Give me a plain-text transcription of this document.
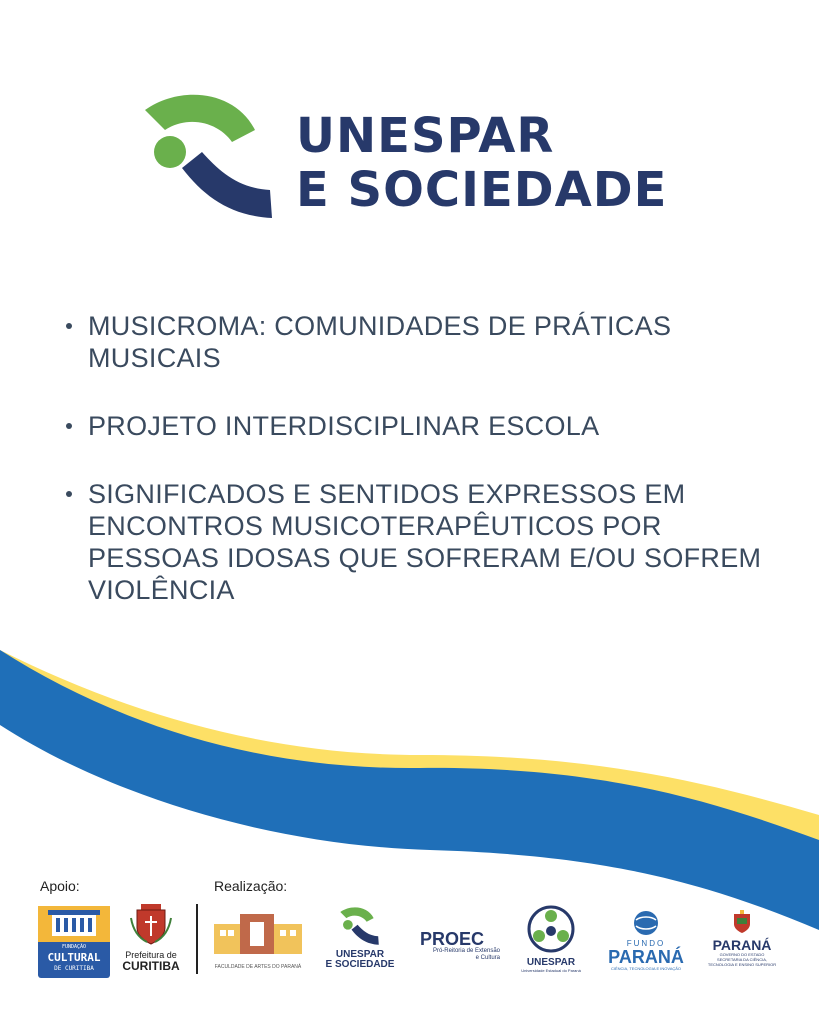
UNESPAR
E SOCIEDADE
MUSICROMA: COMUNIDADES DE PRÁTICAS MUSICAIS
PROJETO INTERDISCIPLINAR ESCOLA
SIGNIFICADOS E SENTIDOS EXPRESSOS EM ENCONTROS MUSICOTERAPÊUTICOS POR PESSOAS IDOSAS QUE SOFRERAM E/OU SOFREM VIOLÊNCIA
Apoio:	Realização:
FUNDAÇÃO
CULTURAL
DE CURITIBA
Prefeitura de
CURITIBA	FACULDADE DE ARTES DO PARANÁ
UNESPAR
E SOCIEDADE
PROEC
Pró-Reitoria de Extensão
e Cultura	UNESPAR
Universidade Estadual do Paraná
FUNDO
PARANÁ
CIÊNCIA, TECNOLOGIA E INOVAÇÃO
PARANÁ
GOVERNO DO ESTADO
SECRETARIA DA CIÊNCIA,
TECNOLOGIA E ENSINO SUPERIOR
